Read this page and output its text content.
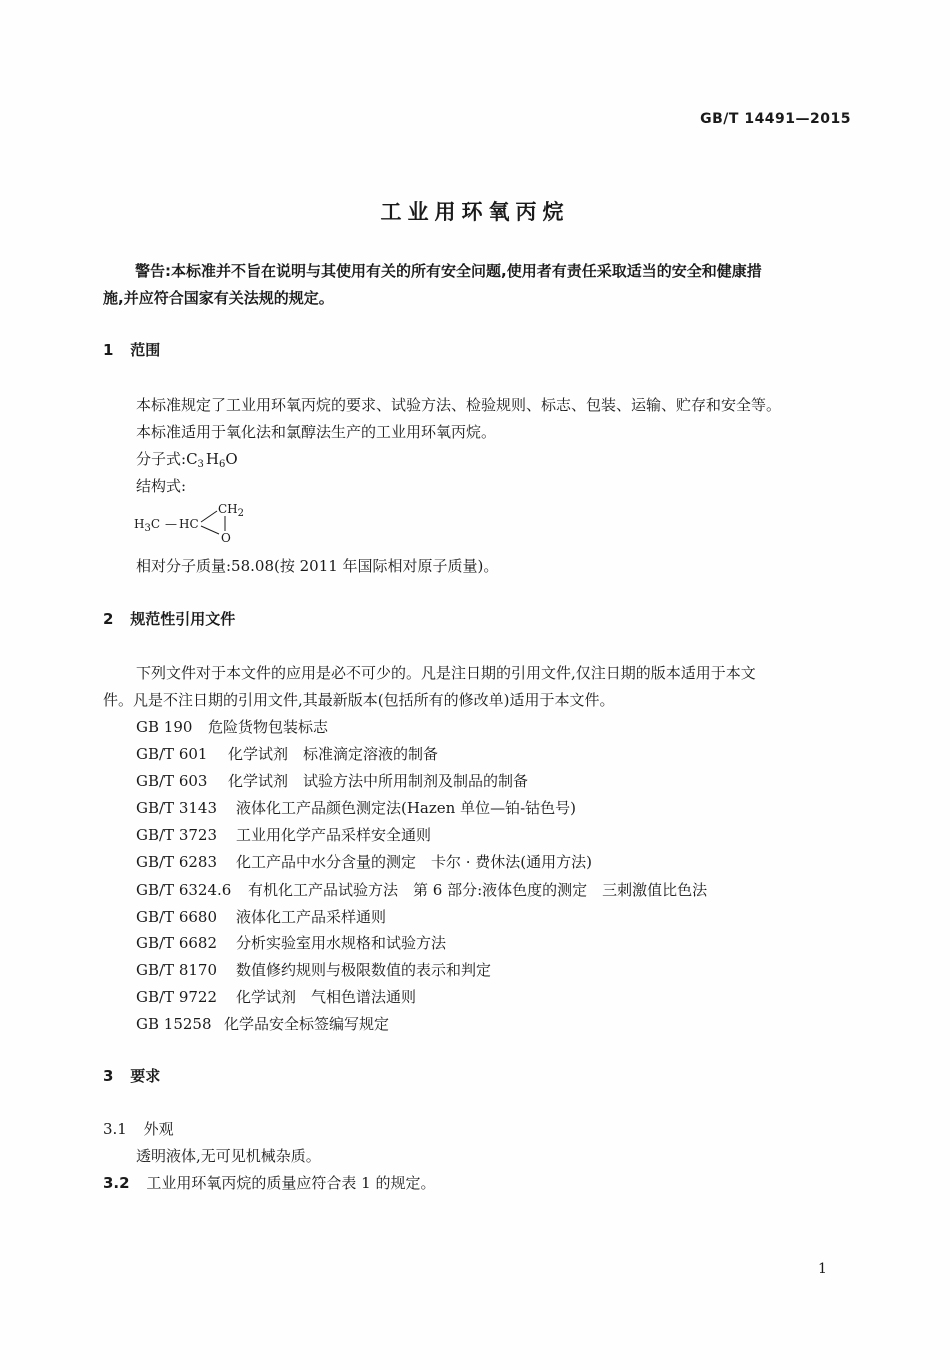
GB/T 14491—2015
工业用环氧丙烷
警告:本标准并不旨在说明与其使用有关的所有安全问题,使用者有责任采取适当的安全和健康措
施,并应符合国家有关法规的规定。
1 范围
本标准规定了工业用环氧丙烷的要求、试验方法、检验规则、标志、包装、运输、贮存和安全等。
本标准适用于氧化法和氯醇法生产的工业用环氧丙烷。
分子式$:C_3$ $H_6O$
结构式:
$H_3C$ — HC
$CH_2$
O
相对分子质量:58.08(按 2011 年国际相对原子质量)。
2 规范性引用文件
下列文件对于本文件的应用是必不可少的。凡是注日期的引用文件,仅注日期的版本适用于本文
件。凡是不注日期的引用文件,其最新版本(包括所有的修改单)适用于本文件。
GB 190 危险货物包装标志
GB/T 601 化学试剂　标准滴定溶液的制备
GB/T 603 化学试剂　试验方法中所用制剂及制品的制备
GB/T 3143 液体化工产品颜色测定法(Hazen 单位—铂-钴色号)
GB/T 3723 工业用化学产品采样安全通则
GB/T 6283 化工产品中水分含量的测定　卡尔 · 费休法(通用方法)
GB/T 6324.6 有机化工产品试验方法　第 6 部分:液体色度的测定　三刺激值比色法
GB/T 6680 液体化工产品采样通则
GB/T 6682 分析实验室用水规格和试验方法
GB/T 8170 数值修约规则与极限数值的表示和判定
GB/T 9722 化学试剂　气相色谱法通则
GB 15258 化学品安全标签编写规定
3 要求
3.1 外观
透明液体,无可见机械杂质。
3.2 工业用环氧丙烷的质量应符合表 1 的规定。
1
